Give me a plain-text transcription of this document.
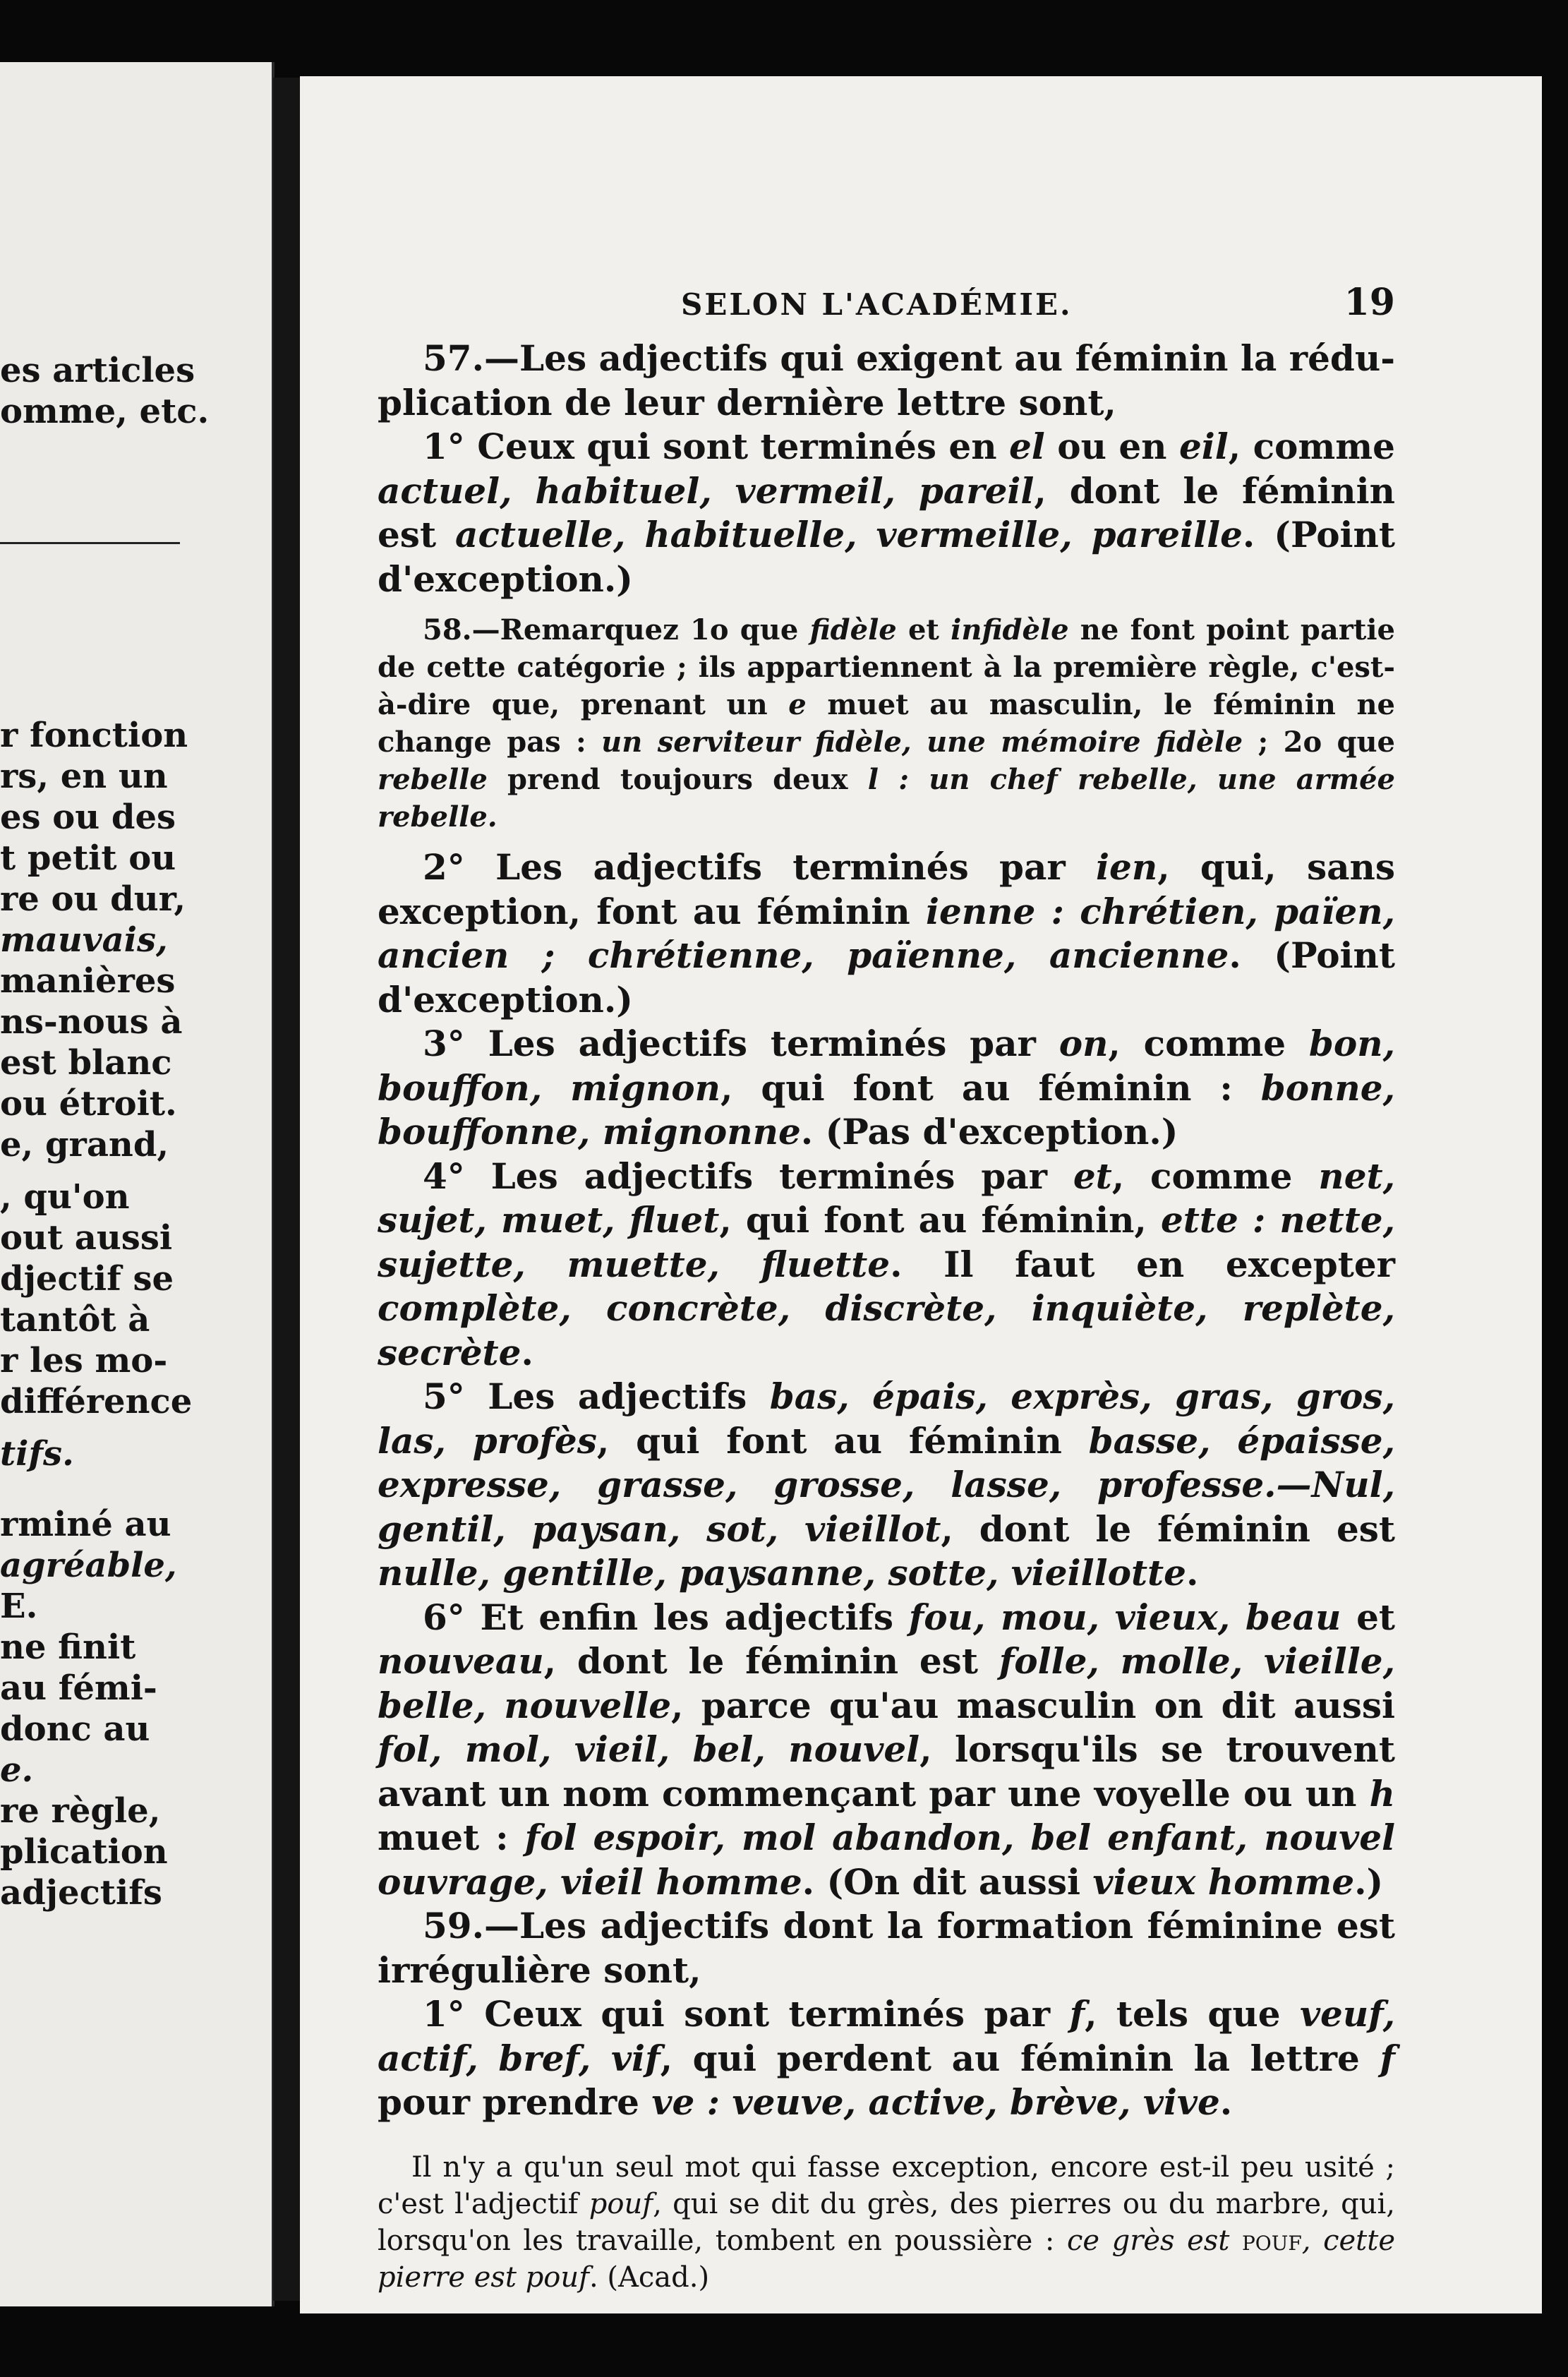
es articles
omme, etc.
r fonction
rs, en un
es ou des
t petit ou
re ou dur,
mauvais,
manières
ns-nous à
est blanc
ou étroit.
e, grand,
, qu'on
out aussi
djectif se
tantôt à
r les mo-
différence
tifs.
rminé au
agréable,
E.
ne finit
au fémi-
donc au
e.
re règle,
plication
adjectifs
SELON L'ACADÉMIE.	19

57.—Les adjectifs qui exigent au féminin la réduplication de leur dernière lettre sont,

1° Ceux qui sont terminés en el ou en eil, comme actuel, habituel, vermeil, pareil, dont le féminin est actuelle, habituelle, vermeille, pareille. (Point d'exception.)

58.—Remarquez 1o que fidèle et infidèle ne font point partie de cette catégorie ; ils appartiennent à la première règle, c'est-à-dire que, prenant un e muet au masculin, le féminin ne change pas : un serviteur fidèle, une mémoire fidèle ; 2o que rebelle prend toujours deux l : un chef rebelle, une armée rebelle.

2° Les adjectifs terminés par ien, qui, sans exception, font au féminin ienne : chrétien, païen, ancien ; chrétienne, païenne, ancienne. (Point d'exception.)

3° Les adjectifs terminés par on, comme bon, bouffon, mignon, qui font au féminin : bonne, bouffonne, mignonne. (Pas d'exception.)

4° Les adjectifs terminés par et, comme net, sujet, muet, fluet, qui font au féminin, ette : nette, sujette, muette, fluette. Il faut en excepter complète, concrète, discrète, inquiète, replète, secrète.

5° Les adjectifs bas, épais, exprès, gras, gros, las, profès, qui font au féminin basse, épaisse, expresse, grasse, grosse, lasse, professe.—Nul, gentil, paysan, sot, vieillot, dont le féminin est nulle, gentille, paysanne, sotte, vieillotte.

6° Et enfin les adjectifs fou, mou, vieux, beau et nouveau, dont le féminin est folle, molle, vieille, belle, nouvelle, parce qu'au masculin on dit aussi fol, mol, vieil, bel, nouvel, lorsqu'ils se trouvent avant un nom commençant par une voyelle ou un h muet : fol espoir, mol abandon, bel enfant, nouvel ouvrage, vieil homme. (On dit aussi vieux homme.)

59.—Les adjectifs dont la formation féminine est irrégulière sont,

1° Ceux qui sont terminés par f, tels que veuf, actif, bref, vif, qui perdent au féminin la lettre f pour prendre ve : veuve, active, brève, vive.

Il n'y a qu'un seul mot qui fasse exception, encore est-il peu usité ; c'est l'adjectif pouf, qui se dit du grès, des pierres ou du marbre, qui, lorsqu'on les travaille, tombent en poussière : ce grès est pouf, cette pierre est pouf. (Acad.)
